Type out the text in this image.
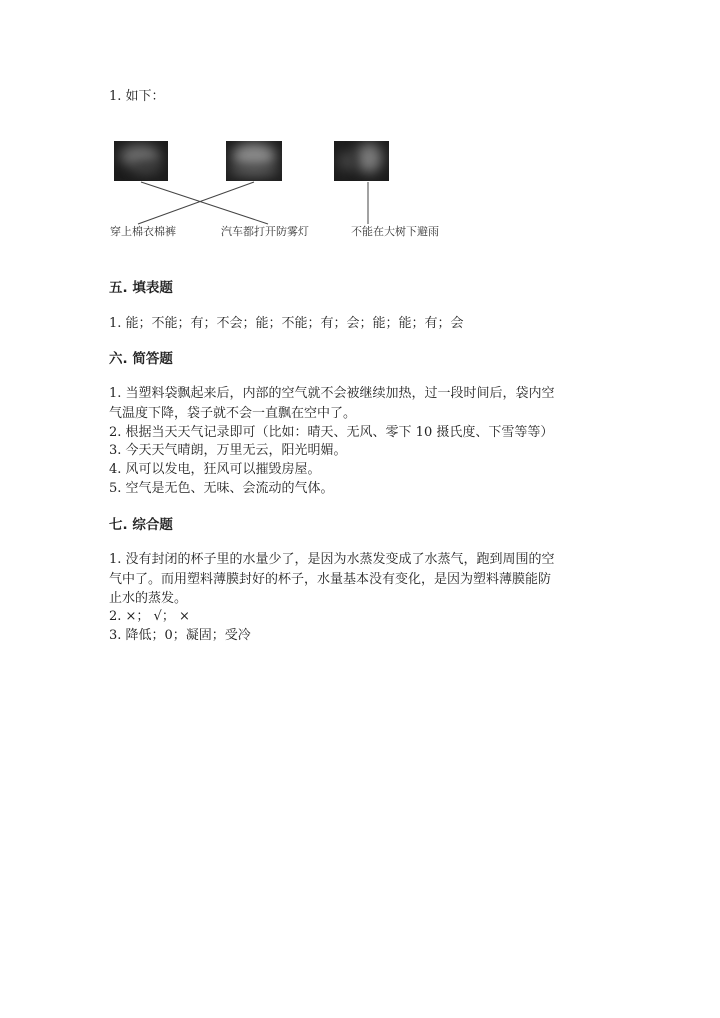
1. 如下：
穿上棉衣棉裤	汽车都打开防雾灯	不能在大树下避雨
五. 填表题
1. 能；不能；有；不会；能；不能；有；会；能；能；有；会
六. 简答题
1. 当塑料袋飘起来后，内部的空气就不会被继续加热，过一段时间后，袋内空
气温度下降，袋子就不会一直飘在空中了。
2. 根据当天天气记录即可（比如：晴天、无风、零下 10 摄氏度、下雪等等）
3. 今天天气晴朗，万里无云，阳光明媚。
4. 风可以发电，狂风可以摧毁房屋。
5. 空气是无色、无味、会流动的气体。
七. 综合题
1. 没有封闭的杯子里的水量少了，是因为水蒸发变成了水蒸气，跑到周围的空
气中了。而用塑料薄膜封好的杯子，水量基本没有变化，是因为塑料薄膜能防
止水的蒸发。
2. ×； √； ×
3. 降低；0；凝固；受冷
